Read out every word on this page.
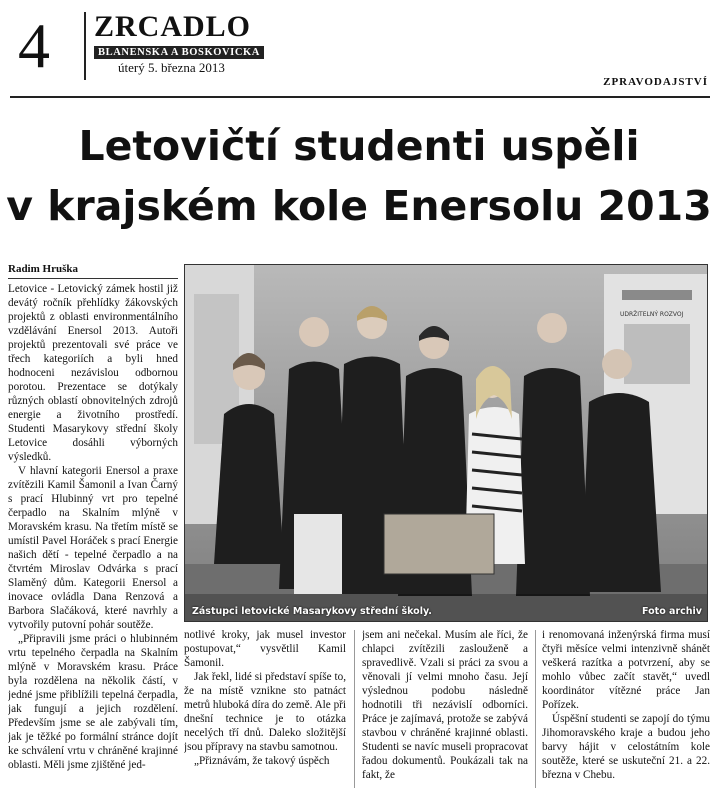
4 ZRCADLO
BLANENSKA A BOSKOVICKA
úterý 5. března 2013
ZPRAVODAJSTVÍ
Letovičtí studenti uspěli
v krajském kole Enersolu 2013
Radim Hruška

Letovice - Letovický zámek hostil již devátý ročník přehlídky žákovských projektů z oblasti environmentálního vzdělávání Enersol 2013. Autoři projektů prezentovali své práce ve třech kategoriích a byli hned hodnoceni nezávislou odbornou porotou. Prezentace se dotýkaly různých oblastí obnovitelných zdrojů energie a životního prostředí. Studenti Masarykovy střední školy Letovice dosáhli výborných výsledků.

V hlavní kategorii Enersol a praxe zvítězili Kamil Šamonil a Ivan Čarný s prací Hlubinný vrt pro tepelné čerpadlo na Skalním mlýně v Moravském krasu. Na třetím místě se umístil Pavel Horáček s prací Energie našich dětí - tepelné čerpadlo a na čtvrtém Miroslav Odvárka s prací Slaměný dům. Kategorii Enersol a inovace ovládla Dana Renzová a Barbora Slačáková, které navrhly a vytvořily putovní pohár soutěže.

„Připravili jsme práci o hlubinném vrtu tepelného čerpadla na Skalním mlýně v Moravském krasu. Práce byla rozdělena na několik částí, v jedné jsme přiblížili tepelná čerpadla, jak fungují a jejich rozdělení. Především jsme se ale zabývali tím, jak je těžké po formální stránce dojít ke schválení vrtu v chráněné krajinné oblasti. Měli jsme zjištěné jed-

UDRŽITELNÝ ROZVOJ
Zástupci letovické Masarykovy střední školy.	Foto archiv

notlivé kroky, jak musel investor postupovat,“ vysvětlil Kamil Šamonil.

Jak řekl, lidé si představí spíše to, že na místě vznikne sto patnáct metrů hluboká díra do země. Ale při dnešní technice je to otázka necelých tří dnů. Daleko složitější jsou přípravy na stavbu samotnou.

„Přiznávám, že takový úspěch

jsem ani nečekal. Musím ale říci, že chlapci zvítězili zaslouženě a spravedlivě. Vzali si práci za svou a věnovali jí velmi mnoho času. Její výslednou podobu následně hodnotili tři nezávislí odborníci. Práce je zajímavá, protože se zabývá stavbou v chráněné krajinné oblasti. Studenti se navíc museli propracovat řadou dokumentů. Poukázali tak na fakt, že

i renomovaná inženýrská firma musí čtyři měsíce velmi intenzivně shánět veškerá razítka a potvrzení, aby se mohlo vůbec začít stavět,“ uvedl koordinátor vítězné práce Jan Pořízek.

Úspěšní studenti se zapojí do týmu Jihomoravského kraje a budou jeho barvy hájit v celostátním kole soutěže, které se uskuteční 21. a 22. března v Chebu.
